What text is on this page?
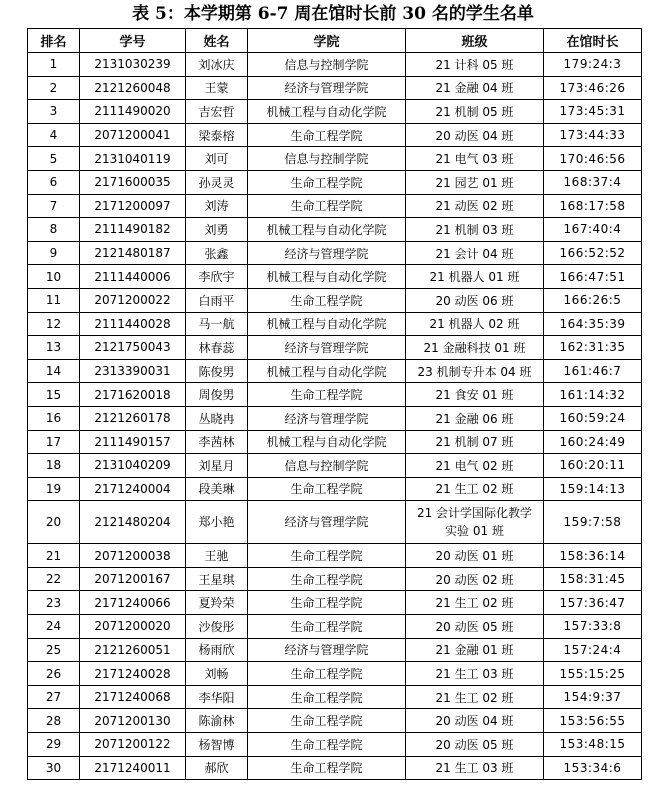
表 5：本学期第 6-7 周在馆时长前 30 名的学生名单
排名	学号	姓名	学院	班级	在馆时长
1	2131030239	刘冰庆	信息与控制学院	21 计科 05 班	179:24:3
2	2121260048	王蒙	经济与管理学院	21 金融 04 班	173:46:26
3	2111490020	吉宏哲	机械工程与自动化学院	21 机制 05 班	173:45:31
4	2071200041	梁泰榕	生命工程学院	20 动医 04 班	173:44:33
5	2131040119	刘可	信息与控制学院	21 电气 03 班	170:46:56
6	2171600035	孙灵灵	生命工程学院	21 园艺 01 班	168:37:4
7	2171200097	刘涛	生命工程学院	21 动医 02 班	168:17:58
8	2111490182	刘勇	机械工程与自动化学院	21 机制 03 班	167:40:4
9	2121480187	张鑫	经济与管理学院	21 会计 04 班	166:52:52
10	2111440006	李欣宇	机械工程与自动化学院	21 机器人 01 班	166:47:51
11	2071200022	白雨平	生命工程学院	20 动医 06 班	166:26:5
12	2111440028	马一航	机械工程与自动化学院	21 机器人 02 班	164:35:39
13	2121750043	林春蕊	经济与管理学院	21 金融科技 01 班	162:31:35
14	2313390031	陈俊男	机械工程与自动化学院	23 机制专升本 04 班	161:46:7
15	2171620018	周俊男	生命工程学院	21 食安 01 班	161:14:32
16	2121260178	丛晓冉	经济与管理学院	21 金融 06 班	160:59:24
17	2111490157	李茜林	机械工程与自动化学院	21 机制 07 班	160:24:49
18	2131040209	刘星月	信息与控制学院	21 电气 02 班	160:20:11
19	2171240004	段美琳	生命工程学院	21 生工 02 班	159:14:13
20	2121480204	郑小艳	经济与管理学院	21 会计学国际化教学
实验 01 班	159:7:58
21	2071200038	王驰	生命工程学院	20 动医 01 班	158:36:14
22	2071200167	王星琪	生命工程学院	20 动医 02 班	158:31:45
23	2171240066	夏羚荣	生命工程学院	21 生工 02 班	157:36:47
24	2071200020	沙俊彤	生命工程学院	20 动医 05 班	157:33:8
25	2121260051	杨雨欣	经济与管理学院	21 金融 01 班	157:24:4
26	2171240028	刘畅	生命工程学院	21 生工 03 班	155:15:25
27	2171240068	李华阳	生命工程学院	21 生工 02 班	154:9:37
28	2071200130	陈渝林	生命工程学院	20 动医 04 班	153:56:55
29	2071200122	杨智博	生命工程学院	20 动医 05 班	153:48:15
30	2171240011	郝欣	生命工程学院	21 生工 03 班	153:34:6
